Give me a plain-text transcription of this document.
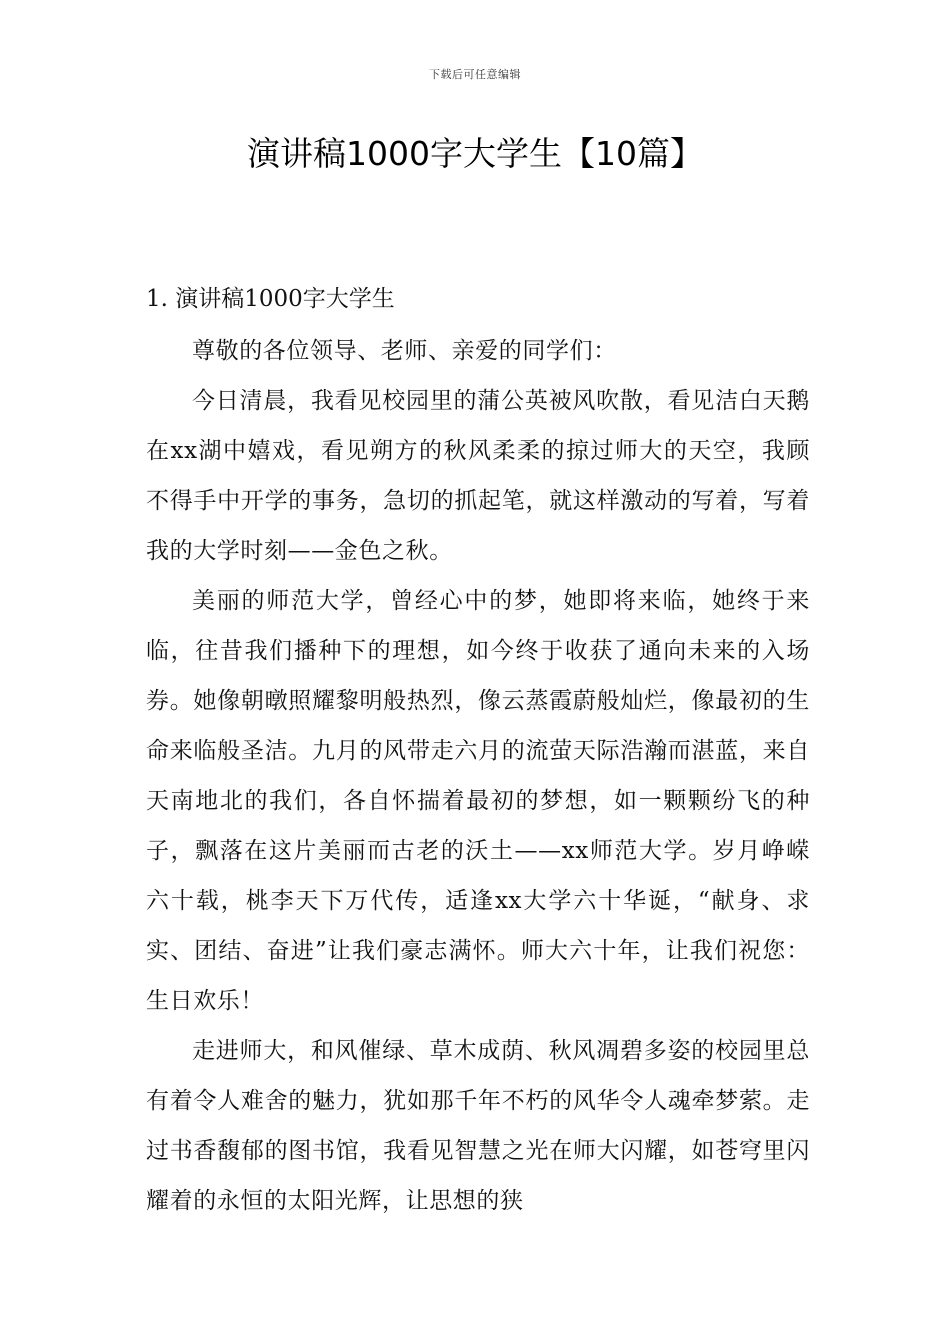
下载后可任意编辑
演讲稿1000字大学生【10篇】

1. 演讲稿1000字大学生

尊敬的各位领导、老师、亲爱的同学们：

今日清晨，我看见校园里的蒲公英被风吹散，看见洁白天鹅在xx湖中嬉戏，看见朔方的秋风柔柔的掠过师大的天空，我顾不得手中开学的事务，急切的抓起笔，就这样激动的写着，写着我的大学时刻——金色之秋。

美丽的师范大学，曾经心中的梦，她即将来临，她终于来临，往昔我们播种下的理想，如今终于收获了通向未来的入场券。她像朝暾照耀黎明般热烈，像云蒸霞蔚般灿烂，像最初的生命来临般圣洁。九月的风带走六月的流萤天际浩瀚而湛蓝，来自天南地北的我们，各自怀揣着最初的梦想，如一颗颗纷飞的种子，飘落在这片美丽而古老的沃土——xx师范大学。岁月峥嵘六十载，桃李天下万代传，适逢xx大学六十华诞，“献身、求实、团结、奋进”让我们豪志满怀。师大六十年，让我们祝您：生日欢乐！

走进师大，和风催绿、草木成荫、秋风凋碧多姿的校园里总有着令人难舍的魅力，犹如那千年不朽的风华令人魂牵梦萦。走过书香馥郁的图书馆，我看见智慧之光在师大闪耀，如苍穹里闪耀着的永恒的太阳光辉，让思想的狭
